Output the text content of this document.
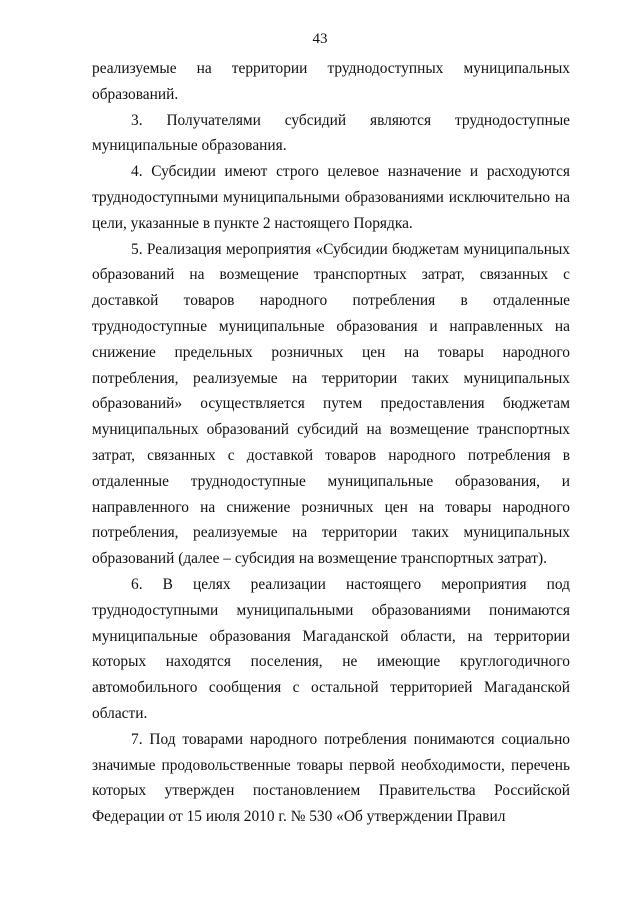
43

реализуемые на территории труднодоступных муниципальных образований.

3. Получателями субсидий являются труднодоступные муниципальные образования.

4. Субсидии имеют строго целевое назначение и расходуются труднодоступными муниципальными образованиями исключительно на цели, указанные в пункте 2 настоящего Порядка.

5. Реализация мероприятия «Субсидии бюджетам муниципальных образований на возмещение транспортных затрат, связанных с доставкой товаров народного потребления в отдаленные труднодоступные муниципальные образования и направленных на снижение предельных розничных цен на товары народного потребления, реализуемые на территории таких муниципальных образований» осуществляется путем предоставления бюджетам муниципальных образований субсидий на возмещение транспортных затрат, связанных с доставкой товаров народного потребления в отдаленные труднодоступные муниципальные образования, и направленного на снижение розничных цен на товары народного потребления, реализуемые на территории таких муниципальных образований (далее – субсидия на возмещение транспортных затрат).

6. В целях реализации настоящего мероприятия под труднодоступными муниципальными образованиями понимаются муниципальные образования Магаданской области, на территории которых находятся поселения, не имеющие круглогодичного автомобильного сообщения с остальной территорией Магаданской области.

7. Под товарами народного потребления понимаются социально значимые продовольственные товары первой необходимости, перечень которых утвержден постановлением Правительства Российской Федерации от 15 июля 2010 г. № 530 «Об утверждении Правил
